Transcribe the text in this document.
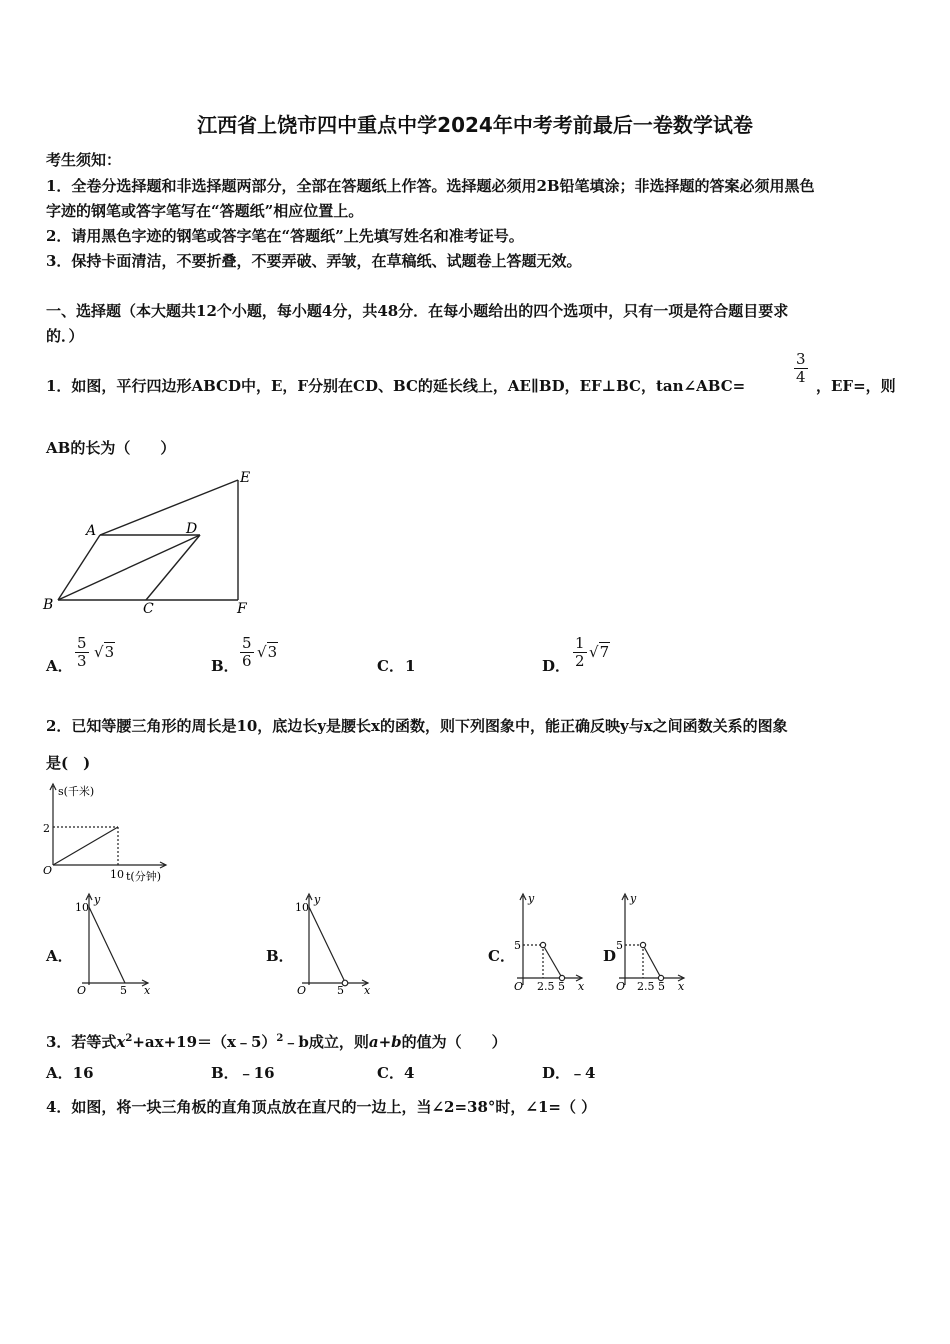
江西省上饶市四中重点中学2024年中考考前最后一卷数学试卷
考生须知：
1．全卷分选择题和非选择题两部分，全部在答题纸上作答。选择题必须用2B铅笔填涂；非选择题的答案必须用黑色
字迹的钢笔或答字笔写在“答题纸”相应位置上。
2．请用黑色字迹的钢笔或答字笔在“答题纸”上先填写姓名和准考证号。
3．保持卡面清洁，不要折叠，不要弄破、弄皱，在草稿纸、试题卷上答题无效。
一、选择题（本大题共12个小题，每小题4分，共48分．在每小题给出的四个选项中，只有一项是符合题目要求
的．）
1．如图，平行四边形ABCD中，E，F分别在CD、BC的延长线上，AE∥BD，EF⊥BC，tan∠ABC=	$\frac{3}{4}$ ，EF=，则
AB的长为（　　）
A
B	C
D
E
F
A． $\frac{5}{3} √3$
B． $\frac{5}{6} √3$
C． 1	D． $\frac{1}{2} √7$
2．已知等腰三角形的周长是10，底边长y是腰长x的函数，则下列图象中，能正确反映y与x之间函数关系的图象
是(　)
s(千米)
2
O	10 t(分钟)
A．
y
10
O	5 x
B．
y
10
O	5 x
C．
y
5
O 2.5 5 x
D
y
5
O 2.5 5 x
3．若等式$x^2+ax+19=(x﹣5)^2﹣b$成立，则a+b的值为（　　）
A．16	B．﹣16	C．4	D．﹣4
4．如图，将一块三角板的直角顶点放在直尺的一边上，当∠2=38°时，∠1=（ ）
